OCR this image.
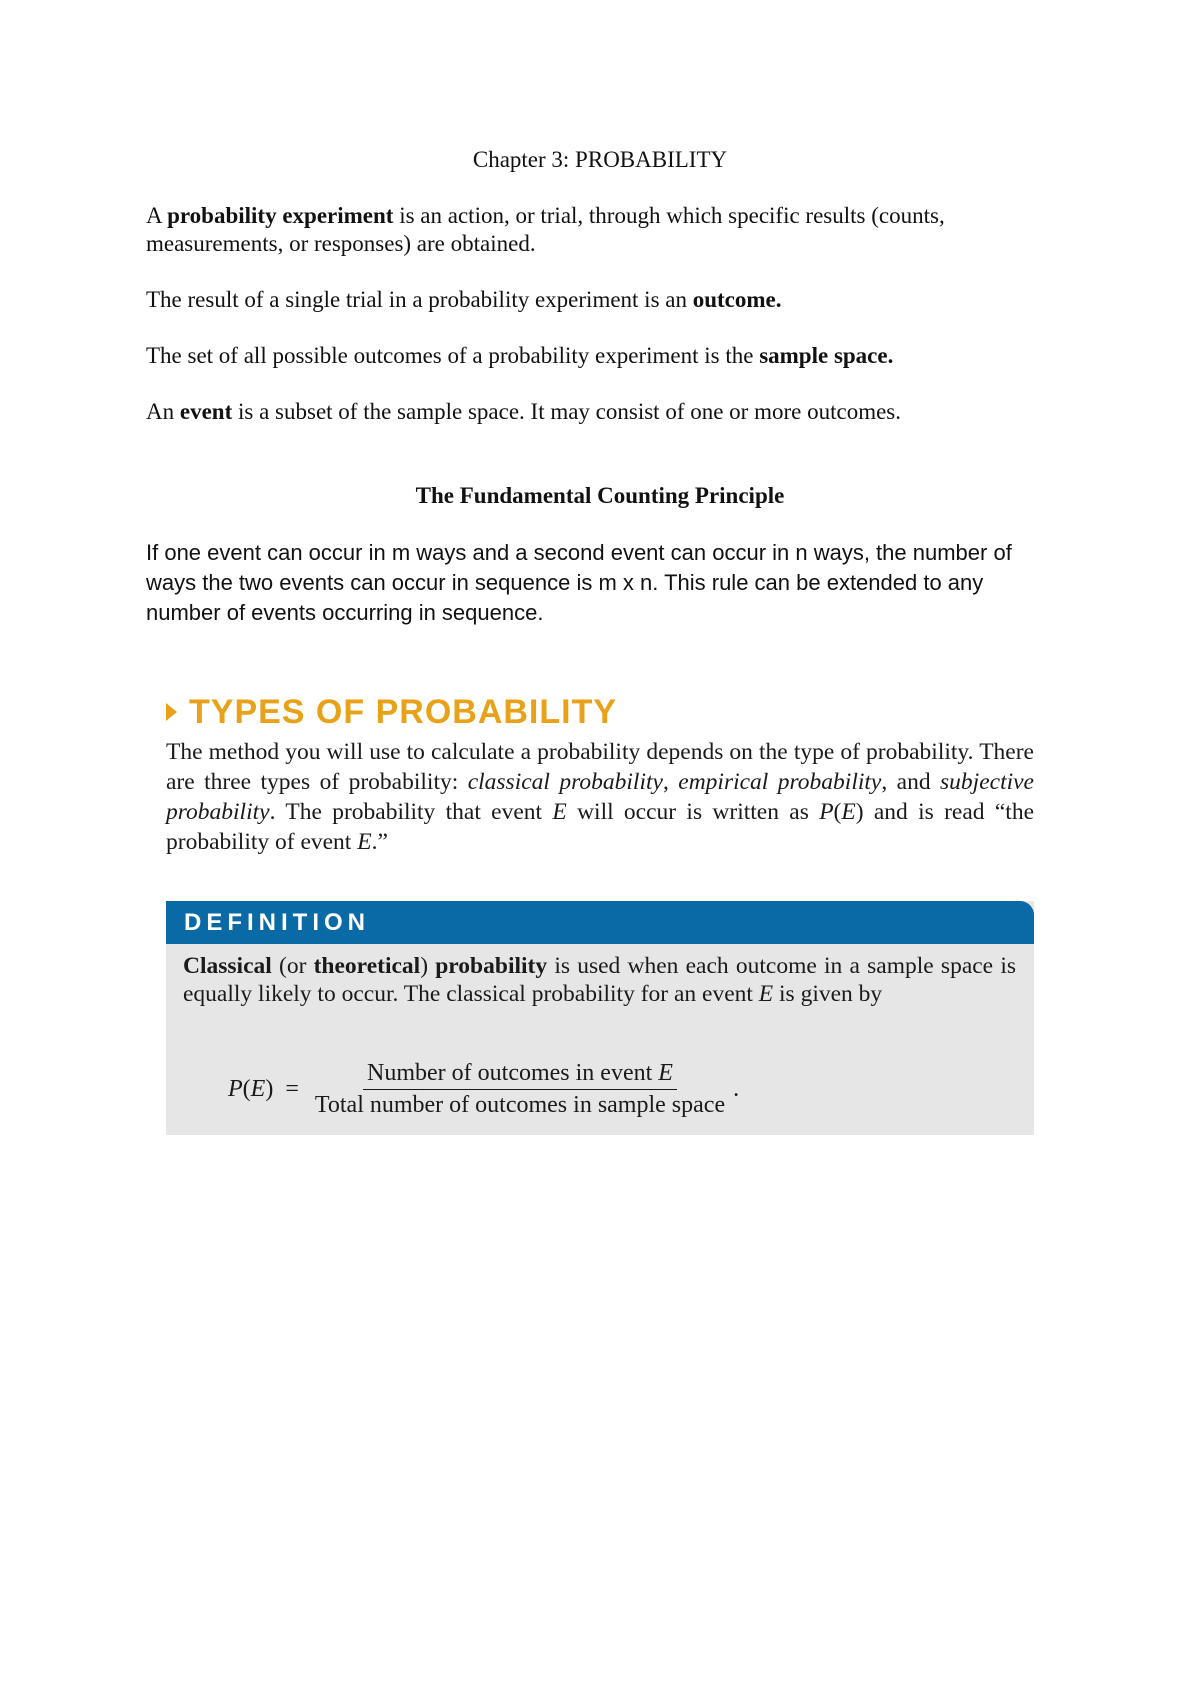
Chapter 3: PROBABILITY
A probability experiment is an action, or trial, through which specific results (counts, measurements, or responses) are obtained.
The result of a single trial in a probability experiment is an outcome.
The set of all possible outcomes of a probability experiment is the sample space.
An event is a subset of the sample space. It may consist of one or more outcomes.
The Fundamental Counting Principle
If one event can occur in m ways and a second event can occur in n ways, the number of ways the two events can occur in sequence is m x n. This rule can be extended to any number of events occurring in sequence.
TYPES OF PROBABILITY
The method you will use to calculate a probability depends on the type of probability. There are three types of probability: classical probability, empirical probability, and subjective probability. The probability that event E will occur is written as P(E) and is read “the probability of event E.”
DEFINITION
Classical (or theoretical) probability is used when each outcome in a sample space is equally likely to occur. The classical probability for an event E is given by
$P(E) = \frac{\text{Number of outcomes in event E}}{\text{Total number of outcomes in sample space}}$ .
